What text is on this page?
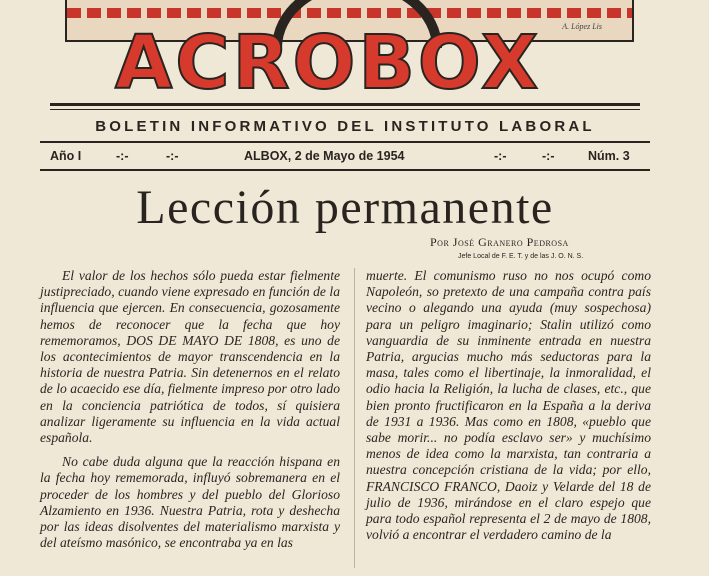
A. López Lis
ACROBOX
BOLETIN INFORMATIVO DEL INSTITUTO LABORAL
Año I	-:-	-:-	ALBOX, 2 de Mayo de 1954	-:-	-:-	Núm. 3
Lección permanente
Por José Granero Pedrosa
Jefe Local de F. E. T. y de las J. O. N. S.

El valor de los hechos sólo pueda estar fielmente justipreciado, cuando viene expresado en función de la influencia que ejercen. En consecuencia, gozosamente hemos de reconocer que la fecha que hoy rememoramos, DOS DE MAYO DE 1808, es uno de los acontecimientos de mayor transcendencia en la historia de nuestra Patria. Sin detenernos en el relato de lo acaecido ese día, fielmente impreso por otro lado en la conciencia patriótica de todos, sí quisiera analizar ligeramente su influencia en la vida actual española.

No cabe duda alguna que la reacción hispana en la fecha hoy rememorada, influyó sobremanera en el proceder de los hombres y del pueblo del Glorioso Alzamiento en 1936. Nuestra Patria, rota y deshecha por las ideas disolventes del materialismo marxista y del ateísmo masónico, se encontraba ya en las

muerte. El comunismo ruso no nos ocupó como Napoleón, so pretexto de una campaña contra país vecino o alegando una ayuda (muy sospechosa) para un peligro imaginario; Stalin utilizó como vanguardia de su inminente entrada en nuestra Patria, argucias mucho más seductoras para la masa, tales como el libertinaje, la inmoralidad, el odio hacia la Religión, la lucha de clases, etc., que bien pronto fructificaron en la España a la deriva de 1931 a 1936. Mas como en 1808, «pueblo que sabe morir... no podía esclavo ser» y muchísimo menos de idea como la marxista, tan contraria a nuestra concepción cristiana de la vida; por ello, FRANCISCO FRANCO, Daoiz y Velarde del 18 de julio de 1936, mirándose en el claro espejo que para todo español representa el 2 de mayo de 1808, volvió a encontrar el verdadero camino de la
